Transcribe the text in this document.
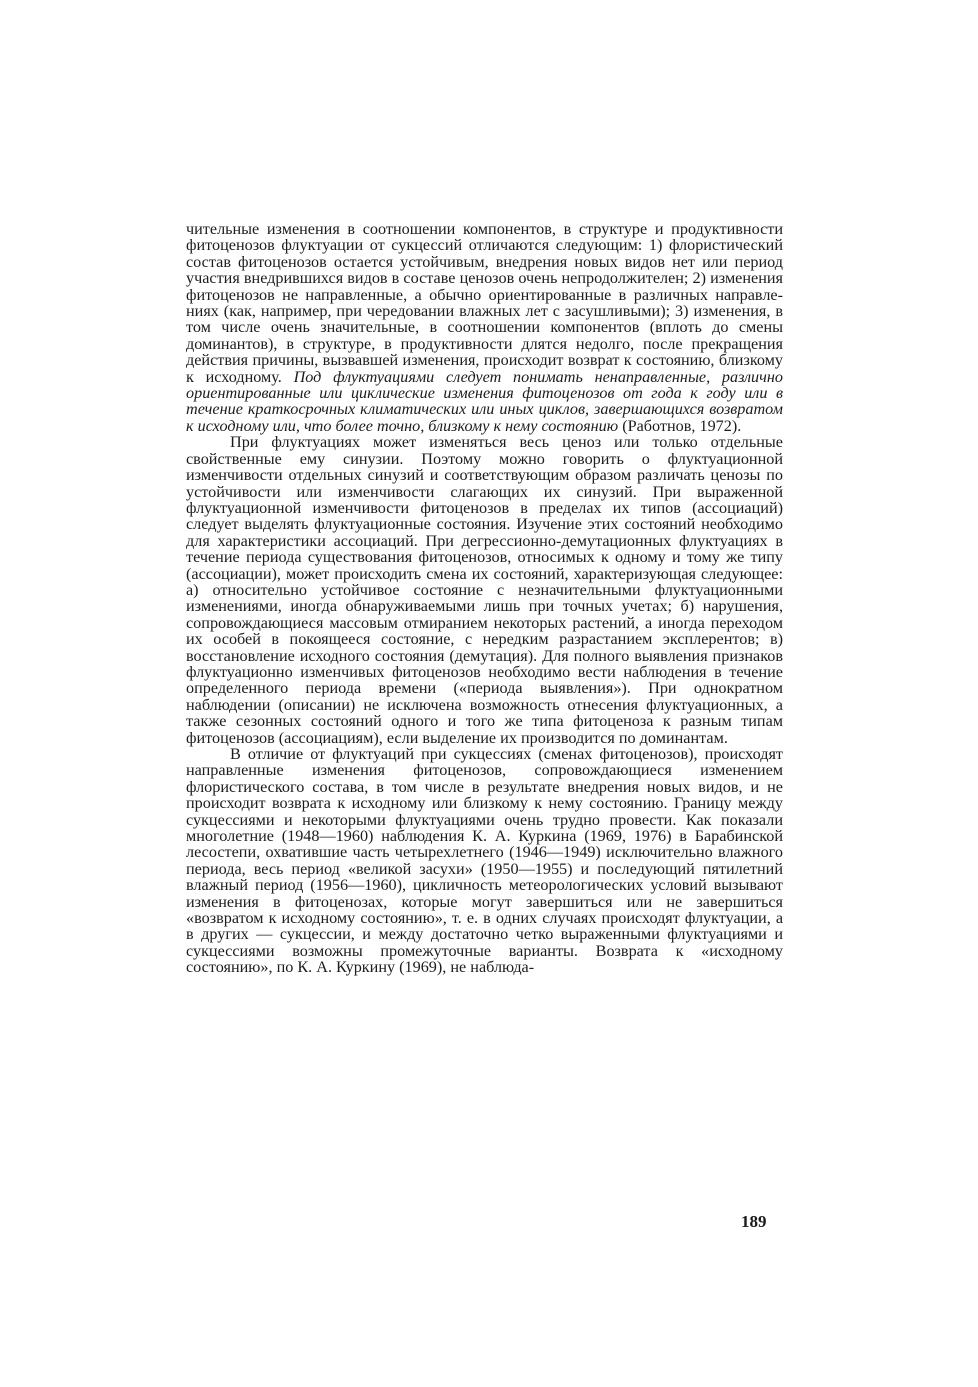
чительные изменения в соотношении компонентов, в структуре и продуктивности фитоценозов флуктуации от сукцессий отличаются следующим: 1) флористический состав фитоценозов остается устойчивым, внедрения новых видов нет или период участия внедрившихся видов в составе ценозов очень непродолжителен; 2) изменения фитоценозов не направленные, а обычно ориентированные в различных направлениях (как, например, при чередовании влажных лет с засушливыми); 3) изменения, в том числе очень значительные, в соотношении компонентов (вплоть до смены доминантов), в структуре, в продуктивности длятся недолго, после прекращения действия причины, вызвавшей изменения, происходит возврат к состоянию, близкому к исходному. Под флуктуациями следует понимать ненаправленные, различно ориентированные или циклические изменения фитоценозов от года к году или в течение краткосрочных климатических или иных циклов, завершающихся возвратом к исходному или, что более точно, близкому к нему состоянию (Работнов, 1972).

При флуктуациях может изменяться весь ценоз или только отдельные свойственные ему синузии. Поэтому можно говорить о флуктуационной изменчивости отдельных синузий и соответствующим образом различать ценозы по устойчивости или изменчивости слагающих их синузий. При выраженной флуктуационной изменчивости фитоценозов в пределах их типов (ассоциаций) следует выделять флуктуационные состояния. Изучение этих состояний необходимо для характеристики ассоциаций. При дегрессионно-демутационных флуктуациях в течение периода существования фитоценозов, относимых к одному и тому же типу (ассоциации), может происходить смена их состояний, характеризующая следующее: а) относительно устойчивое состояние с незначительными флуктуационными изменениями, иногда обнаруживаемыми лишь при точных учетах; б) нарушения, сопровождающиеся массовым отмиранием некоторых растений, а иногда переходом их особей в покоящееся состояние, с нередким разрастанием эксплерентов; в) восстановление исходного состояния (демутация). Для полного выявления признаков флуктуационно изменчивых фитоценозов необходимо вести наблюдения в течение определенного периода времени («периода выявления»). При однократном наблюдении (описании) не исключена возможность отнесения флуктуационных, а также сезонных состояний одного и того же типа фитоценоза к разным типам фитоценозов (ассоциациям), если выделение их производится по доминантам.

В отличие от флуктуаций при сукцессиях (сменах фитоценозов), происходят направленные изменения фитоценозов, сопровождающиеся изменением флористического состава, в том числе в результате внедрения новых видов, и не происходит возврата к исходному или близкому к нему состоянию. Границу между сукцессиями и некоторыми флуктуациями очень трудно провести. Как показали многолетние (1948—1960) наблюдения К. А. Куркина (1969, 1976) в Барабинской лесостепи, охватившие часть четырехлетнего (1946—1949) исключительно влажного периода, весь период «великой засухи» (1950—1955) и последующий пятилетний влажный период (1956—1960), цикличность метеорологических условий вызывают изменения в фитоценозах, которые могут завершиться или не завершиться «возвратом к исходному состоянию», т. е. в одних случаях происходят флуктуации, а в других — сукцессии, и между достаточно четко выраженными флуктуациями и сукцессиями возможны промежуточные варианты. Возврата к «исходному состоянию», по К. А. Куркину (1969), не наблюда-

189
